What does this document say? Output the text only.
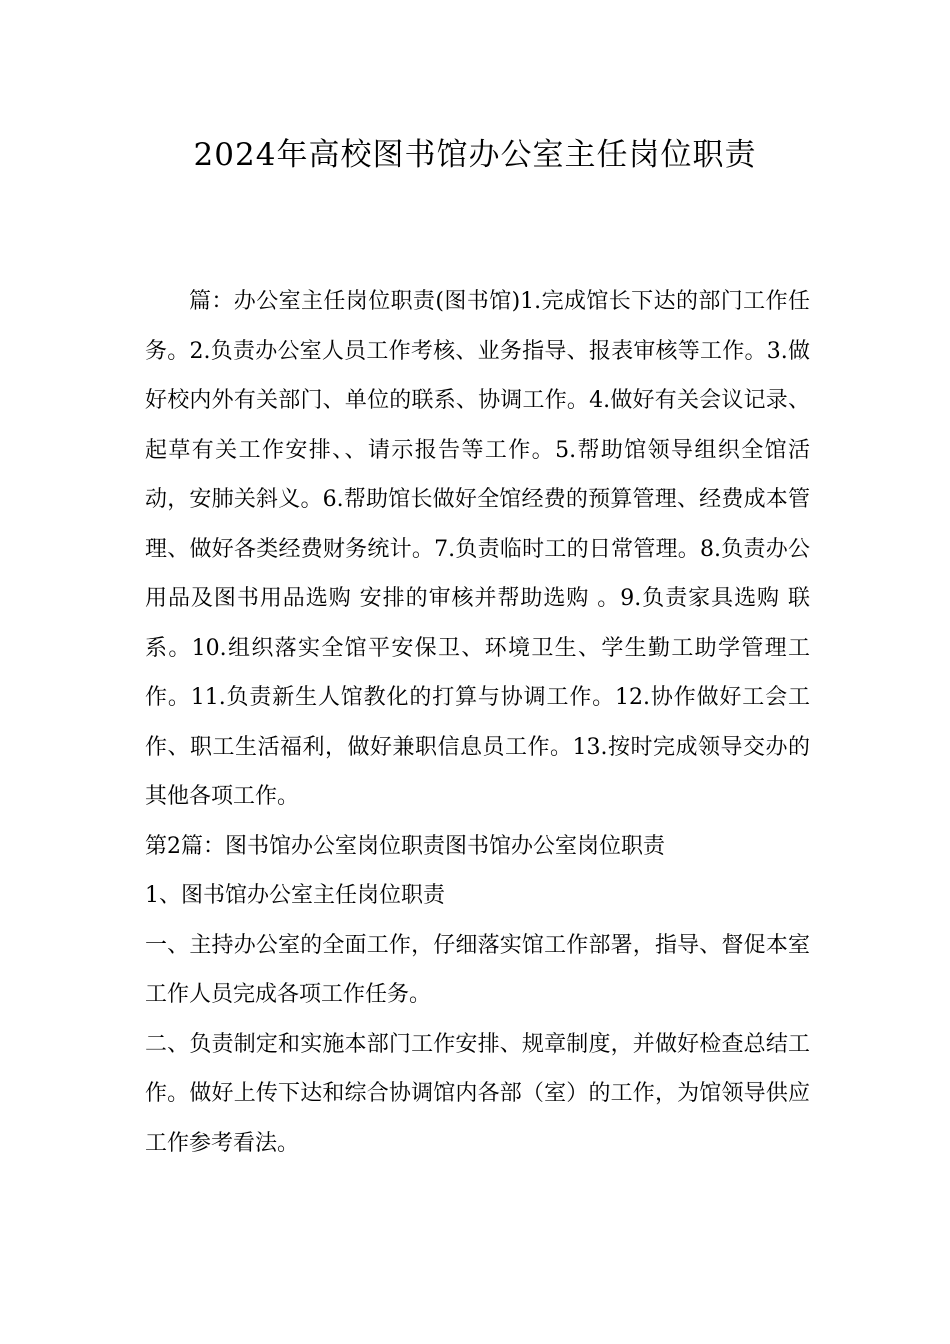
2024年高校图书馆办公室主任岗位职责

篇：办公室主任岗位职责(图书馆)1.完成馆长下达的部门工作任务。2.负责办公室人员工作考核、业务指导、报表审核等工作。3.做好校内外有关部门、单位的联系、协调工作。4.做好有关会议记录、起草有关工作安排、、请示报告等工作。5.帮助馆领导组织全馆活动，安肺关斜义。6.帮助馆长做好全馆经费的预算管理、经费成本管理、做好各类经费财务统计。7.负责临时工的日常管理。8.负责办公用品及图书用品选购 安排的审核并帮助选购 。9.负责家具选购 联系。10.组织落实全馆平安保卫、环境卫生、学生勤工助学管理工作。11.负责新生人馆教化的打算与协调工作。12.协作做好工会工作、职工生活福利，做好兼职信息员工作。13.按时完成领导交办的其他各项工作。

第2篇：图书馆办公室岗位职责图书馆办公室岗位职责

1、图书馆办公室主任岗位职责

一、主持办公室的全面工作，仔细落实馆工作部署，指导、督促本室工作人员完成各项工作任务。

二、负责制定和实施本部门工作安排、规章制度，并做好检查总结工作。做好上传下达和综合协调馆内各部（室）的工作，为馆领导供应工作参考看法。
